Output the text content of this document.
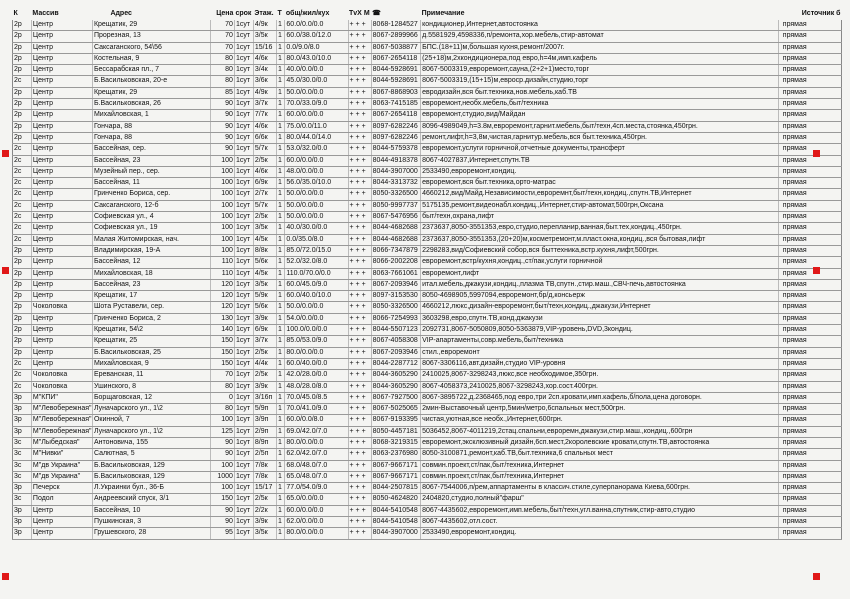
К	Массив	Адрес	Цена	срок	Этаж.	Т	общ/жил/кух	TvX M	☎	Примечание	Источник б
2р	Центр	Крещатик, 29	70	1сут	4/9к	1	60.0/0.0/0.0	+ + +	8068-1284527	кондиционер,Интернет,автостоянка	прямая
2р	Центр	Прорезная, 13	70	1сут	3/5к	1	60.0/38.0/12.0	+ + +	8067-2899966	д.5581929,4598336,п/ремонта,хор.мебель,стир-автомат	прямая
2р	Центр	Саксаганского, 54\56	70	1сут	15/16	1	0.0/9.0/8.0	+ + +	8067-5038877	БПС.(18+11)м,большая кухня,ремонт/2007г.	прямая
2р	Центр	Костельная, 9	80	1сут	4/6к	1	80.0/43.0/10.0	+ + +	8067-2654118	(25+18)м,2хкондиционера,под евро,h=4м,имп.кафель	прямая
2р	Центр	Бессарабская пл., 7	80	1сут	3/4к	1	40.0/0.0/0.0	+ + +	8044-5928691	8067-5003319,евроремонт,сауна,(2+2+1)место,торг	прямая
2с	Центр	Б.Васильковская, 20-е	80	1сут	3/6к	1	45.0/30.0/0.0	+ + +	8044-5928691	8067-5003319,(15+15)м,евроср.дизайн,студию,торг	прямая
2р	Центр	Крещатик, 29	85	1сут	4/9к	1	50.0/0.0/0.0	+ + +	8067-8868903	евродизайн,вся быт.техника,нов.мебель,каб.ТВ	прямая
2р	Центр	Б.Васильковская, 26	90	1сут	3/7к	1	70.0/33.0/9.0	+ + +	8063-7415185	евроремонт,необх.мебель,быт/техника	прямая
2р	Центр	Михайловская, 1	90	1сут	7/7к	1	60.0/0.0/0.0	+ + +	8067-2654118	евроремонт,студио,вид/Майдан	прямая
2р	Центр	Гончара, 88	90	1сут	4/6к	1	75.0/0.0/11.0	+ + +	8097-6282246	8096-4989049,h=3.8м,евроремонт,гарнит.мебель,быт/техн,4сп.места,стоянка,450грн.	прямая
2р	Центр	Гончара, 88	90	1сут	6/6к	1	80.0/44.0/14.0	+ + +	8097-6282246	ремонт,лифт,h=3,8м,чистая,гарнитур.мебель,вся быт.техника,450грн.	прямая
2с	Центр	Бассейная, сер.	90	1сут	5/7к	1	53.0/32.0/0.0	+ + +	8044-5759378	евроремонт,услуги горничной,отчетные документы,трансферт	прямая
2с	Центр	Бассейная, 23	100	1сут	2/5к	1	60.0/0.0/0.0	+ + +	8044-4918378	8067-4027837,Интернет,спутн.ТВ	прямая
2с	Центр	Музейный пер., сер.	100	1сут	4/6к	1	48.0/0.0/0.0	+ + +	8044-3907000	2533490,евроремонт,кондиц.	прямая
2с	Центр	Бассейная, 11	100	1сут	6/9к	1	56.0/35.0/10.0	+ + +	8044-3313732	евроремонт,вся быт.техника,орто-матрас	прямая
2с	Центр	Гринченко Бориса, сер.	100	1сут	2/7к	1	50.0/0.0/0.0	+ + +	8050-3326500	4660212,вид/Майд.Независимости,евроремнт,быт/техн,кондиц.,спутн.ТВ,Интернет	прямая
2с	Центр	Саксаганского, 12-б	100	1сут	5/7к	1	50.0/0.0/0.0	+ + +	8050-9997737	5175135,ремонт,видеонабл.кондиц.,Интернет,стир-автомат,500грн,Оксана	прямая
2с	Центр	Софиевская ул., 4	100	1сут	2/5к	1	50.0/0.0/0.0	+ + +	8067-5476956	быт/техн,охрана,лифт	прямая
2с	Центр	Софиевская ул., 19	100	1сут	3/5к	1	40.0/30.0/0.0	+ + +	8044-4682688	2373637,8050-3551353,евро,студио,перепланир,ванная,быт.тех,кондиц.,450грн.	прямая
2с	Центр	Малая Житомирская, нач.	100	1сут	4/5к	1	0.0/35.0/8.0	+ + +	8044-4682688	2373637,8050-3551353,(20+20)м,косметремонт,м.пласт.окна,кондиц.,вся бытовая,лифт	прямая
2р	Центр	Владимирская, 19-А	100	1сут	8/8к	1	85.0/72.0/15.0	+ + +	8066-7347879	2298283,вид/Софиевский собор,вся быттехника,встр.кухня,лифт,500грн.	прямая
2р	Центр	Бассейная, 12	110	1сут	5/6к	1	52.0/32.0/8.0	+ + +	8066-2002208	евроремонт,встр/кухня,кондиц.,ст/пак,услуги горничной	прямая
2р	Центр	Михайловская, 18	110	1сут	4/5к	1	110.0/70.0/0.0	+ + +	8063-7661061	евроремонт,лифт	прямая
2р	Центр	Бассейная, 23	120	1сут	3/5к	1	60.0/45.0/9.0	+ + +	8067-2093946	итал.мебель,джакузи,кондиц.,плазма ТВ,спутн.,стир.маш.,СВЧ-печь,автостоянка	прямая
2р	Центр	Крещатик, 17	120	1сут	5/9к	1	60.0/40.0/10.0	+ + +	8097-3153530	8050-4698905,5997094,евроремонт,бр/д,консьерж	прямая
2р	Чоколовка	Шота Руставели, сер.	120	1сут	5/6к	1	50.0/0.0/0.0	+ + +	8050-3326500	4660212,люкс,дизайн-евроремонт,быт/техн,кондиц.,джакузи,Интернет	прямая
2р	Центр	Гринченко Бориса, 2	130	1сут	3/9к	1	54.0/0.0/0.0	+ + +	8066-7254993	3603298,евро,спутн.ТВ,конд.джакузи	прямая
2р	Центр	Крещатик, 54\2	140	1сут	6/9к	1	100.0/0.0/0.0	+ + +	8044-5507123	2092731,8067-5050809,8050-5363879,VIP-уровень,DVD,3кондиц.	прямая
2р	Центр	Крещатик, 25	150	1сут	3/7к	1	85.0/53.0/9.0	+ + +	8067-4058308	VIP-апартаменты,совр.мебель,быт/техника	прямая
2р	Центр	Б.Васильковская, 25	150	1сут	2/5к	1	80.0/0.0/0.0	+ + +	8067-2093946	стил.,евроремонт	прямая
2с	Центр	Михайловская, 9	150	1сут	4/4к	1	60.0/40.0/0.0	+ + +	8044-2287712	8067-3306116,авт.дизайн,студио VIP-уровня	прямая
2с	Чоколовка	Ереванская, 11	70	1сут	2/5к	1	42.0/28.0/0.0	+ + +	8044-3605290	2410025,8067-3298243,люкс,все необходимое,350грн.	прямая
2с	Чоколовка	Ушинского, 8	80	1сут	3/9к	1	48.0/28.0/8.0	+ + +	8044-3605290	8067-4058373,2410025,8067-3298243,хор.сост.400грн.	прямая
3р	М"КПИ"	Борщаговская, 12	0	1сут	3/16п	1	70.0/45.0/8.5	+ + +	8067-7927500	8067-3895722,д.2368465,под евро,три 2сп.кровати,имп.кафель,б/пола,цена договорн.	прямая
3р	М"Левобережная"	Луначарского ул., 1\2	80	1сут	5/9п	1	70.0/41.0/9.0	+ + +	8067-5025065	2мин-Выставочный центр,5мин/метро,6спальных мест,500грн.	прямая
3р	М"Левобережная"	Окинной, 7	100	1сут	3/9п	1	60.0/0.0/8.0	+ + +	8067-9193395	чистая,уютная,все необх.,Интернет,600грн.	прямая
3р	М"Левобережная"	Луначарского ул., 1\2	125	1сут	2/9п	1	69.0/42.0/7.0	+ + +	8050-4457181	5036452,8067-4011219,2стац.спальни,евроремн,джакузи,стир.маш.,кондиц.,600грн	прямая
3с	М"Лыбедская"	Антоновича, 155	90	1сут	8/9п	1	80.0/0.0/0.0	+ + +	8068-3219315	евроремонт,эксклюзивный дизайн,6сп.мест,2королевские кровати,спутн.ТВ,автостоянка	прямая
3с	М"Нивки"	Салютная, 5	90	1сут	2/5п	1	62.0/42.0/7.0	+ + +	8063-2376980	8050-3100871,ремонт,каб.ТВ,быт.техника,6 спальных мест	прямая
3с	М"дв Украина"	Б.Васильковская, 129	100	1сут	7/8к	1	68.0/48.0/7.0	+ + +	8067-9667171	совмин.проект,ст/пак,быт/техника,Интернет	прямая
3с	М"дв Украина"	Б.Васильковская, 129	1000	1сут	7/8к	1	65.0/48.0/7.0	+ + +	8067-9667171	совмин.проект,ст/пак,быт/техника,Интернет	прямая
3р	Печерск	Л.Украинки бул., 36-Б	100	1сут	15/17	1	77.0/54.0/9.0	+ + +	8044-2507815	8067-7544006,п/рем,аппартаменты в классич.стиле,суперпанорама Киева,600грн.	прямая
3с	Подол	Андреевский спуск, 3/1	150	1сут	2/5к	1	65.0/0.0/0.0	+ + +	8050-4624820	2404820,студио,полный"фарш"	прямая
3р	Центр	Бассейная, 10	90	1сут	2/2к	1	60.0/0.0/0.0	+ + +	8044-5410548	8067-4435602,евроремонт,имп.мебель,быт/техн,угл.ванна,спутник,стир-авто,студио	прямая
3р	Центр	Пушкинская, 3	90	1сут	3/9к	1	62.0/0.0/0.0	+ + +	8044-5410548	8067-4435602,отл.сост.	прямая
3р	Центр	Грушевского, 28	95	1сут	3/5к	1	80.0/0.0/0.0	+ + +	8044-3907000	2533490,евроремонт,кондиц.	прямая
